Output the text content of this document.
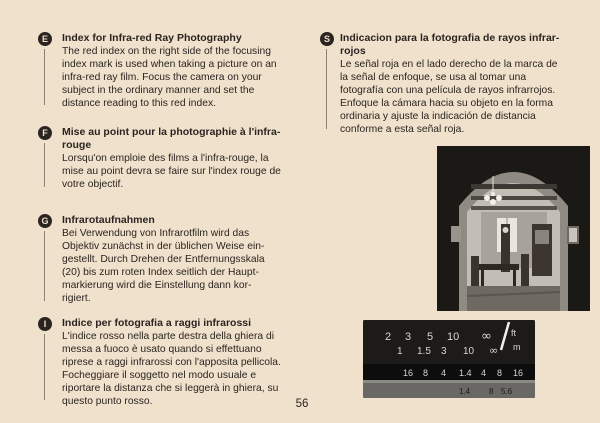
E	Index for Infra-red Ray Photography

The red index on the right side of the focusing

index mark is used when taking a picture on an

infra-red ray film. Focus the camera on your

subject in the ordinary manner and set the

distance reading to this red index.

F	Mise au point pour la photographie à l'infra-

rouge

Lorsqu'on emploie des films a l'infra-rouge, la

mise au point devra se faire sur l'index rouge de

votre objectif.

G	Infrarotaufnahmen

Bei Verwendung von Infrarotfilm wird das

Objektiv zunächst in der üblichen Weise ein-

gestellt. Durch Drehen der Entfernungsskala

(20) bis zum roten Index seitlich der Haupt-

markierung wird die Einstellung dann kor-

rigiert.

I	Indice per fotografia a raggi infrarossi

L'indice rosso nella parte destra della ghiera di

messa a fuoco è usato quando si effettuano

riprese a raggi infrarossi con l'apposita pellicola.

Focheggiare il soggetto nel modo usuale e

riportare la distanza che si leggerà in ghiera, su

questo punto rosso.

S Indicacion para la fotografia de rayos infrar-

rojos

Le señal roja en el lado derecho de la marca de

la señal de enfoque, se usa al tomar una

fotografía con una película de rayos infrarrojos.

Enfoque la cámara hacia su objeto en la forma

ordinaria y ajuste la indicación de distancia

conforme a esta señal roja.

2 3 5 10 ∞ ft
1 1.5 3 10 ∞ m
16 8 4 1.4 4 8 16
1.4 8 5.6
56
